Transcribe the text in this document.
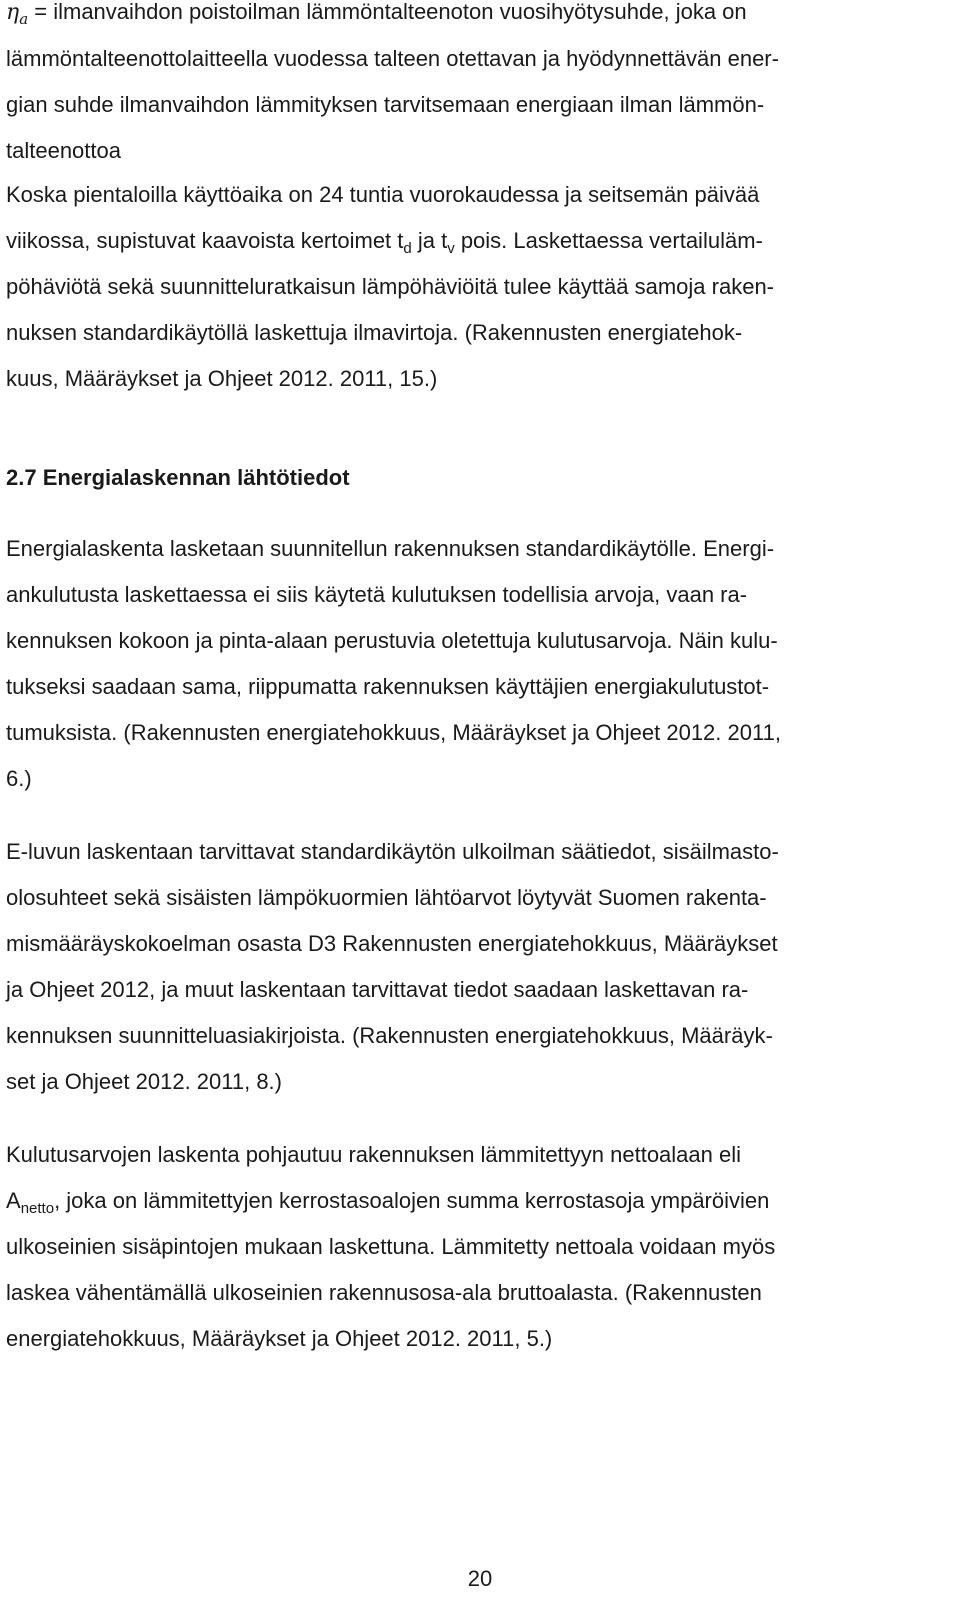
$\eta_a$ = ilmanvaihdon poistoilman lämmöntalteenoton vuosihyötysuhde, joka on

lämmöntalteenottolaitteella vuodessa talteen otettavan ja hyödynnettävän ener-
gian suhde ilmanvaihdon lämmityksen tarvitsemaan energiaan ilman lämmön-
talteenottoa

Koska pientaloilla käyttöaika on 24 tuntia vuorokaudessa ja seitsemän päivää

viikossa, supistuvat kaavoista kertoimet $t_d$ ja $t_v$ pois. Laskettaessa vertailuläm-

pöhäviötä sekä suunnitteluratkaisun lämpöhäviöitä tulee käyttää samoja raken-
nuksen standardikäytöllä laskettuja ilmavirtoja. (Rakennusten energiatehok-
kuus, Määräykset ja Ohjeet 2012. 2011, 15.)

2.7 Energialaskennan lähtötiedot

Energialaskenta lasketaan suunnitellun rakennuksen standardikäytölle. Energi-
ankulutusta laskettaessa ei siis käytetä kulutuksen todellisia arvoja, vaan ra-
kennuksen kokoon ja pinta-alaan perustuvia oletettuja kulutusarvoja. Näin kulu-
tukseksi saadaan sama, riippumatta rakennuksen käyttäjien energiakulutustot-
tumuksista. (Rakennusten energiatehokkuus, Määräykset ja Ohjeet 2012. 2011,
6.)

E-luvun laskentaan tarvittavat standardikäytön ulkoilman säätiedot, sisäilmasto-
olosuhteet sekä sisäisten lämpökuormien lähtöarvot löytyvät Suomen rakenta-
mismääräyskokoelman osasta D3 Rakennusten energiatehokkuus, Määräykset
ja Ohjeet 2012, ja muut laskentaan tarvittavat tiedot saadaan laskettavan ra-
kennuksen suunnitteluasiakirjoista. (Rakennusten energiatehokkuus, Määräyk-
set ja Ohjeet 2012. 2011, 8.)

Kulutusarvojen laskenta pohjautuu rakennuksen lämmitettyyn nettoalaan eli

$A_{netto}$, joka on lämmitettyjen kerrostasoalojen summa kerrostasoja ympäröivien

ulkoseinien sisäpintojen mukaan laskettuna. Lämmitetty nettoala voidaan myös
laskea vähentämällä ulkoseinien rakennusosa-ala bruttoalasta. (Rakennusten
energiatehokkuus, Määräykset ja Ohjeet 2012. 2011, 5.)

20
